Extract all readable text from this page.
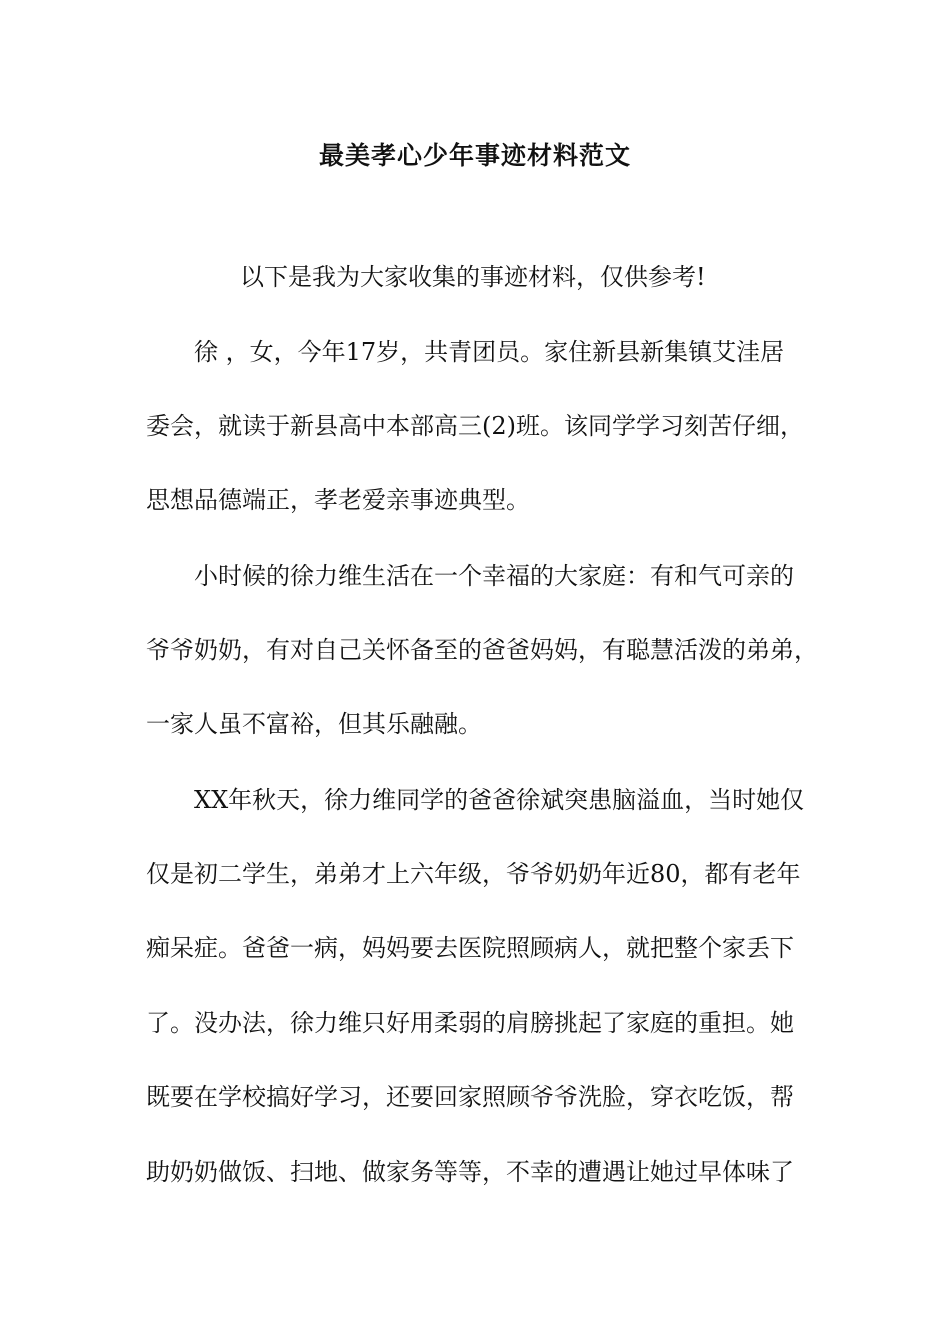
最美孝心少年事迹材料范文

以下是我为大家收集的事迹材料，仅供参考!

徐 ，女，今年17岁，共青团员。家住新县新集镇艾洼居

委会，就读于新县高中本部高三(2)班。该同学学习刻苦仔细，

思想品德端正，孝老爱亲事迹典型。

小时候的徐力维生活在一个幸福的大家庭：有和气可亲的

爷爷奶奶，有对自己关怀备至的爸爸妈妈，有聪慧活泼的弟弟，

一家人虽不富裕，但其乐融融。

XX年秋天，徐力维同学的爸爸徐斌突患脑溢血，当时她仅

仅是初二学生，弟弟才上六年级，爷爷奶奶年近80，都有老年

痴呆症。爸爸一病，妈妈要去医院照顾病人，就把整个家丢下

了。没办法，徐力维只好用柔弱的肩膀挑起了家庭的重担。她

既要在学校搞好学习，还要回家照顾爷爷洗脸，穿衣吃饭，帮

助奶奶做饭、扫地、做家务等等，不幸的遭遇让她过早体味了
